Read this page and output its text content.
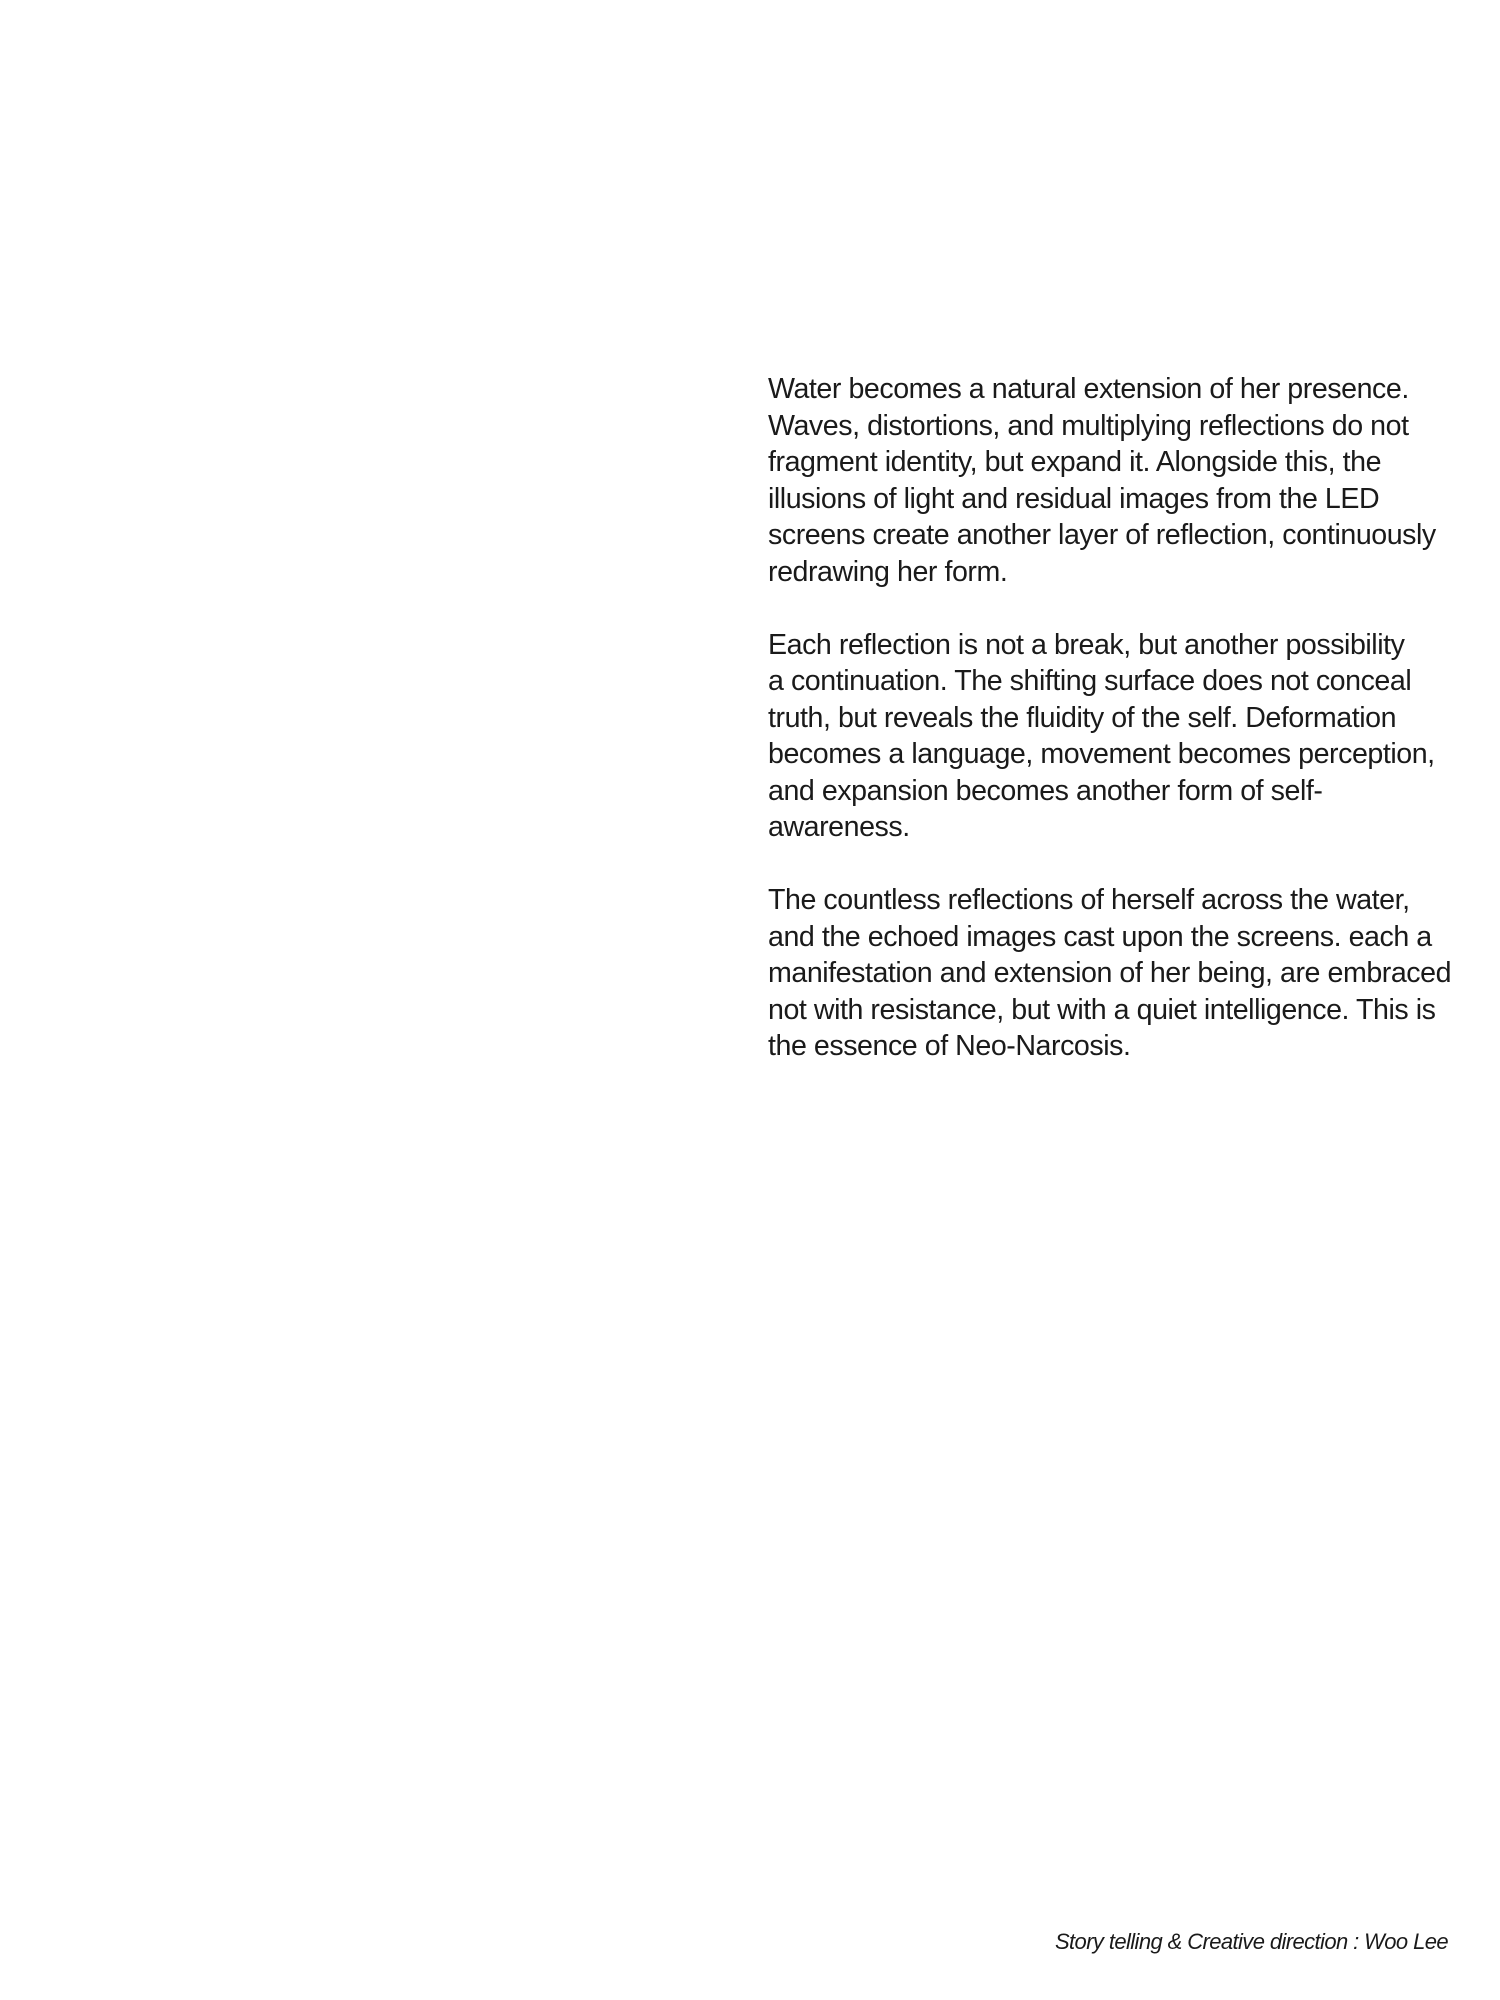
Water becomes a natural extension of her presence.
Waves, distortions, and multiplying reflections do not
fragment identity, but expand it. Alongside this, the
illusions of light and residual images from the LED
screens create another layer of reflection, continuously
redrawing her form.

Each reflection is not a break, but another possibility
a continuation. The shifting surface does not conceal
truth, but reveals the fluidity of the self. Deformation
becomes a language, movement becomes perception,
and expansion becomes another form of self-
awareness.

The countless reflections of herself across the water,
and the echoed images cast upon the screens. each a
manifestation and extension of her being, are embraced
not with resistance, but with a quiet intelligence. This is
the essence of Neo-Narcosis.

Story telling & Creative direction : Woo Lee
